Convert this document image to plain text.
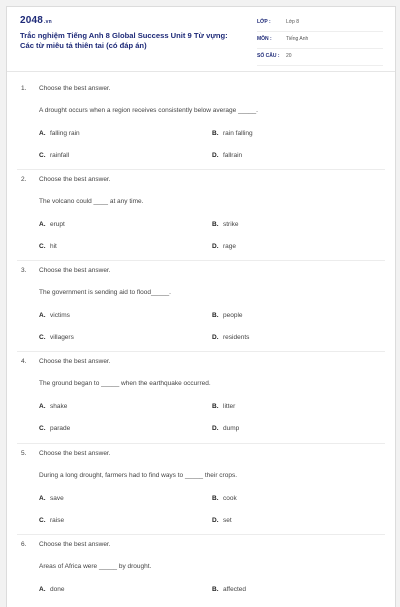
2048.vn
Trắc nghiệm Tiếng Anh 8 Global Success Unit 9 Từ vựng:
Các từ miêu tả thiên tai (có đáp án)
LỚP :	Lớp 8
MÔN :	Tiếng Anh
SỐ CÂU : 20
1. Choose the best answer.
A drought occurs when a region receives consistently below average _____.
A. falling rain	B. rain falling
C. rainfall	D. fallrain
2. Choose the best answer.
The volcano could ____ at any time.
A. erupt	B. strike
C. hit	D. rage
3. Choose the best answer.
The government is sending aid to flood_____.
A. victims	B. people
C. villagers	D. residents
4. Choose the best answer.
The ground began to _____ when the earthquake occurred.
A. shake	B. litter
C. parade	D. dump
5. Choose the best answer.
During a long drought, farmers had to find ways to _____ their crops.
A. save	B. cook
C. raise	D. set
6. Choose the best answer.
Areas of Africa were _____ by drought.
A. done	B. affected
